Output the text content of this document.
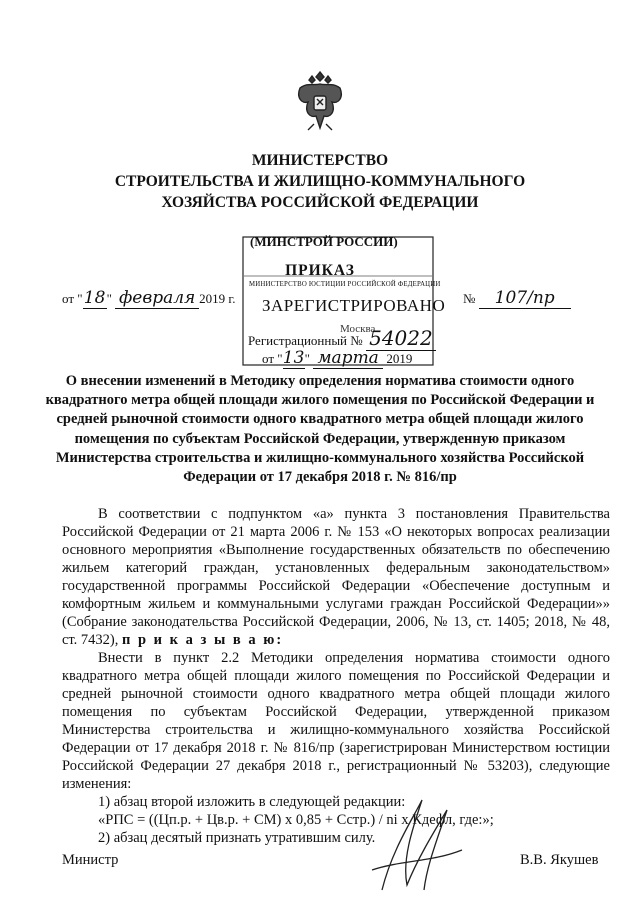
МИНИСТЕРСТВО
СТРОИТЕЛЬСТВА И ЖИЛИЩНО-КОММУНАЛЬНОГО
ХОЗЯЙСТВА РОССИЙСКОЙ ФЕДЕРАЦИИ
(МИНСТРОЙ РОССИИ)
ПРИКАЗ
МИНИСТЕРСТВО ЮСТИЦИИ РОССИЙСКОЙ ФЕДЕРАЦИИ
ЗАРЕГИСТРИРОВАНО
Регистрационный № 54022
Москва
от "13" марта 2019
от "18" февраля 2019 г.	№ 107/пр
О внесении изменений в Методику определения норматива стоимости одного квадратного метра общей площади жилого помещения по Российской Федерации и средней рыночной стоимости одного квадратного метра общей площади жилого помещения по субъектам Российской Федерации, утвержденную приказом Министерства строительства и жилищно-коммунального хозяйства Российской Федерации от 17 декабря 2018 г. № 816/пр

В соответствии с подпунктом «а» пункта 3 постановления Правительства Российской Федерации от 21 марта 2006 г. № 153 «О некоторых вопросах реализации основного мероприятия «Выполнение государственных обязательств по обеспечению жильем категорий граждан, установленных федеральным законодательством» государственной программы Российской Федерации «Обеспечение доступным и комфортным жильем и коммунальными услугами граждан Российской Федерации»» (Собрание законодательства Российской Федерации, 2006, № 13, ст. 1405; 2018, № 48, ст. 7432), п р и к а з ы в а ю:

Внести в пункт 2.2 Методики определения норматива стоимости одного квадратного метра общей площади жилого помещения по Российской Федерации и средней рыночной стоимости одного квадратного метра общей площади жилого помещения по субъектам Российской Федерации, утвержденной приказом Министерства строительства и жилищно-коммунального хозяйства Российской Федерации от 17 декабря 2018 г. № 816/пр (зарегистрирован Министерством юстиции Российской Федерации 27 декабря 2018 г., регистрационный № 53203), следующие изменения:

1) абзац второй изложить в следующей редакции:

«РПС = ((Цп.р. + Цв.р. + СМ) x 0,85 + Сстр.) / ni x Кдефл, где:»;

2) абзац десятый признать утратившим силу.

Министр	В.В. Якушев
